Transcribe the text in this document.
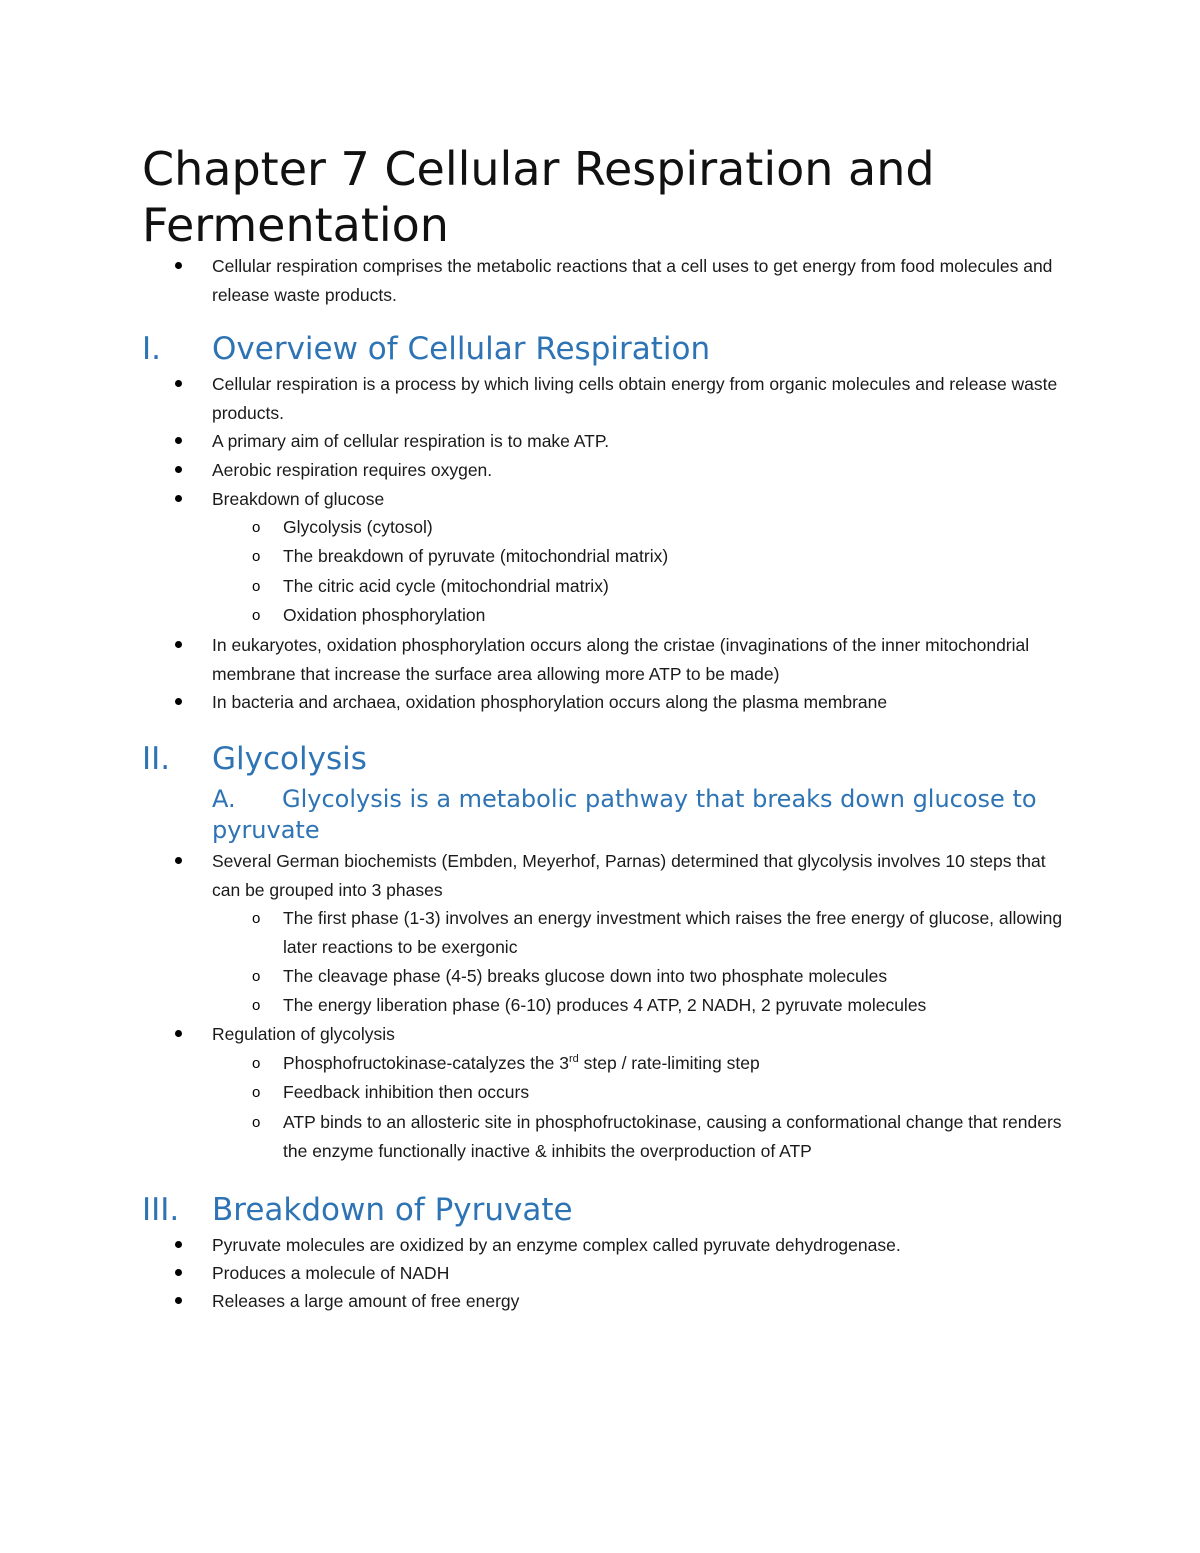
Chapter 7 Cellular Respiration and Fermentation
Cellular respiration comprises the metabolic reactions that a cell uses to get energy from food molecules and release waste products.
I. Overview of Cellular Respiration
Cellular respiration is a process by which living cells obtain energy from organic molecules and release waste products.
A primary aim of cellular respiration is to make ATP.
Aerobic respiration requires oxygen.
Breakdown of glucose
o Glycolysis (cytosol)
o The breakdown of pyruvate (mitochondrial matrix)
o The citric acid cycle (mitochondrial matrix)
o Oxidation phosphorylation
In eukaryotes, oxidation phosphorylation occurs along the cristae (invaginations of the inner mitochondrial membrane that increase the surface area allowing more ATP to be made)
In bacteria and archaea, oxidation phosphorylation occurs along the plasma membrane
II. Glycolysis
A. Glycolysis is a metabolic pathway that breaks down glucose to pyruvate
Several German biochemists (Embden, Meyerhof, Parnas) determined that glycolysis involves 10 steps that can be grouped into 3 phases
o The first phase (1-3) involves an energy investment which raises the free energy of glucose, allowing later reactions to be exergonic
o The cleavage phase (4-5) breaks glucose down into two phosphate molecules
o The energy liberation phase (6-10) produces 4 ATP, 2 NADH, 2 pyruvate molecules
Regulation of glycolysis
o Phosphofructokinase-catalyzes the 3rd step / rate-limiting step
o Feedback inhibition then occurs
o ATP binds to an allosteric site in phosphofructokinase, causing a conformational change that renders the enzyme functionally inactive & inhibits the overproduction of ATP
III. Breakdown of Pyruvate
Pyruvate molecules are oxidized by an enzyme complex called pyruvate dehydrogenase.
Produces a molecule of NADH
Releases a large amount of free energy
